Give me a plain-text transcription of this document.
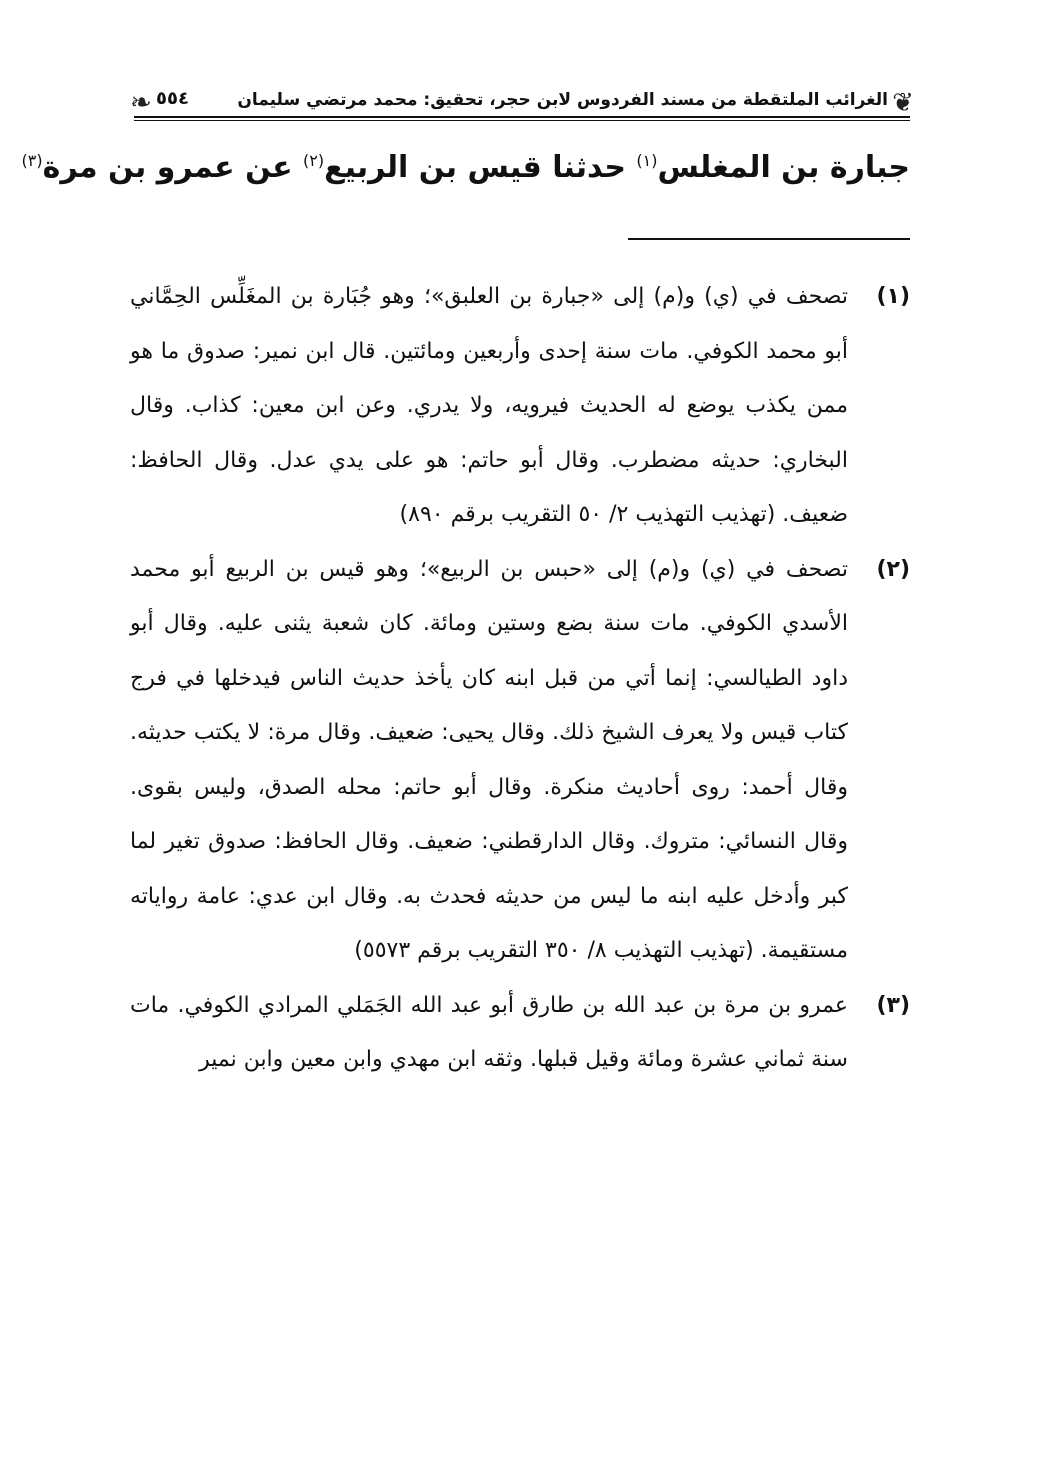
❦
الغرائب الملتقطة من مسند الفردوس لابن حجر، تحقيق: محمد مرتضي سليمان
٥٥٤
❧
جبارة بن المغلس$^{(١)}$ حدثنا قيس بن الربيع$^{(٢)}$ عن عمرو بن مرة$^{(٣)}$
(١)
تصحف في (ي) و(م) إلى «جبارة بن العلبق»؛ وهو جُبَارة بن المغَلِّس الحِمَّاني أبو محمد الكوفي. مات سنة إحدى وأربعين ومائتين. قال ابن نمير: صدوق ما هو ممن يكذب يوضع له الحديث فيرويه، ولا يدري. وعن ابن معين: كذاب. وقال البخاري: حديثه مضطرب. وقال أبو حاتم: هو على يدي عدل. وقال الحافظ: ضعيف. (تهذيب التهذيب ٢/ ٥٠ التقريب برقم ٨٩٠)
(٢)
تصحف في (ي) و(م) إلى «حبس بن الربيع»؛ وهو قيس بن الربيع أبو محمد الأسدي الكوفي. مات سنة بضع وستين ومائة. كان شعبة يثنى عليه. وقال أبو داود الطيالسي: إنما أتي من قبل ابنه كان يأخذ حديث الناس فيدخلها في فرج كتاب قيس ولا يعرف الشيخ ذلك. وقال يحيى: ضعيف. وقال مرة: لا يكتب حديثه. وقال أحمد: روى أحاديث منكرة. وقال أبو حاتم: محله الصدق، وليس بقوى. وقال النسائي: متروك. وقال الدارقطني: ضعيف. وقال الحافظ: صدوق تغير لما كبر وأدخل عليه ابنه ما ليس من حديثه فحدث به. وقال ابن عدي: عامة رواياته مستقيمة. (تهذيب التهذيب ٨/ ٣٥٠ التقريب برقم ٥٥٧٣)
(٣)
عمرو بن مرة بن عبد الله بن طارق أبو عبد الله الجَمَلي المرادي الكوفي. مات سنة ثماني عشرة ومائة وقيل قبلها. وثقه ابن مهدي وابن معين وابن نمير
